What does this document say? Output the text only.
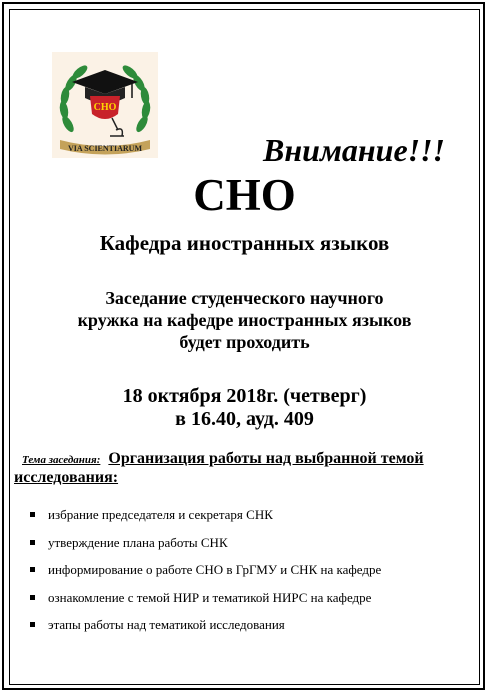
СНО
VIA SCIENTIARUM	Внимание!!!
СНО
Кафедра иностранных языков
Заседание студенческого научного
кружка на кафедре иностранных языков
будет проходить
18 октября 2018г. (четверг)
в 16.40, ауд. 409
Тема заседания: Организация работы над выбранной темой исследования:
избрание председателя и секретаря СНК
утверждение плана работы СНК
информирование о работе СНО в ГрГМУ и СНК на кафедре
ознакомление с темой НИР и тематикой НИРС на кафедре
этапы работы над тематикой исследования
